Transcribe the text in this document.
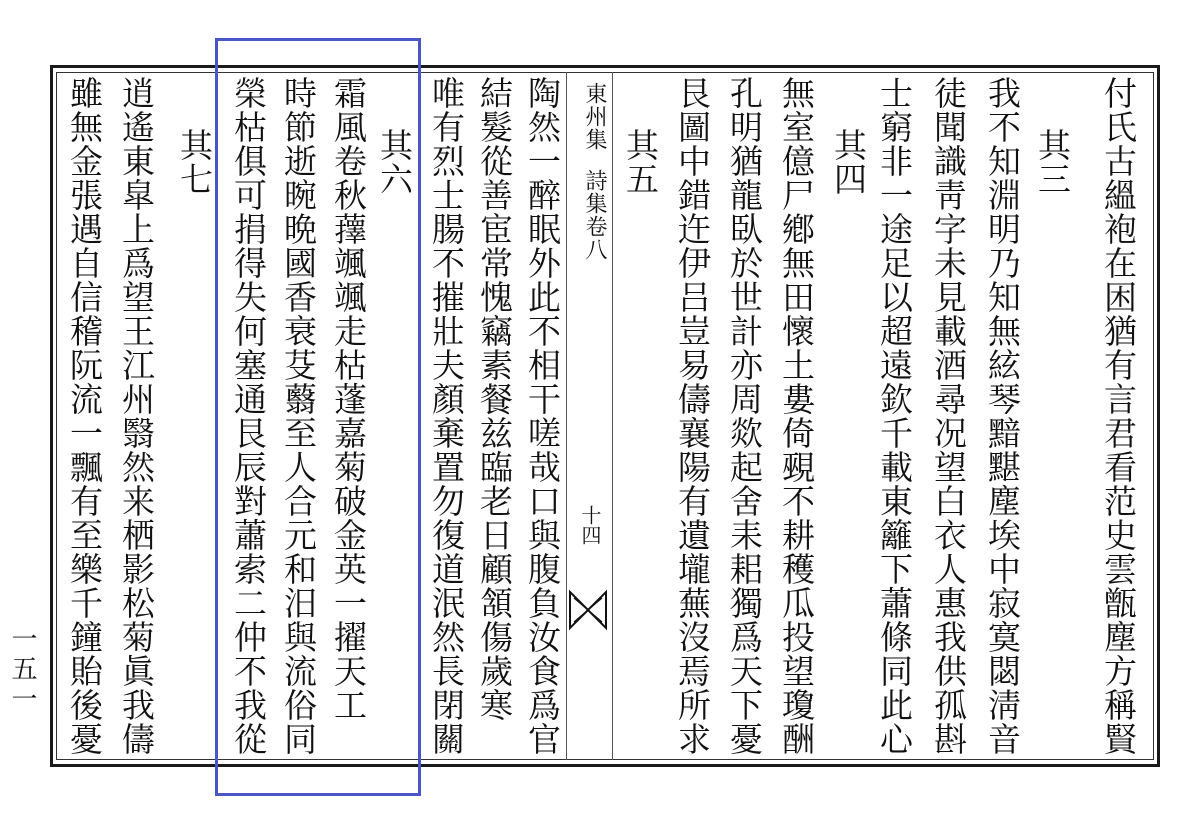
一五一	付氏古縕袍在困猶有言君看范史雲甑塵方稱賢
其三
我不知淵明乃知無絃琴黯黮塵埃中寂寞閟淸音
徒聞識靑字未見載酒尋况望白衣人惠我供孤斟
士窮非一途足以超遠欽千載東籬下蕭條同此心
其四
無室億尸鄕無田懷土婁倚覡不耕穫瓜投望瓊酬
孔明猶龍臥於世計亦周欻起舍耒耜獨爲天下憂
艮圖中錯迕伊吕豈易儔襄陽有遺壠蕪沒焉所求
其五
東州集詩集卷八
十四
陶然一醉眠外此不相干嗟哉口與腹負汝食爲官
結髮從善宦常愧竊素餐兹臨老日顧頷傷歲寒
唯有烈士腸不摧壯夫顏棄置勿復道泯然長閉關
其六
霜風卷秋蘀颯颯走枯蓬嘉菊破金英一擢天工
時節逝晼晩國香衰芟蘙至人合元和汨與流俗同
榮枯俱可捐得失何塞通艮辰對蕭索二仲不我從
其七
逍遙東皐上爲望王江州翳然来栖影松菊眞我儔
雖無金張遇自信稽阮流一飄有至樂千鐘貽後憂
